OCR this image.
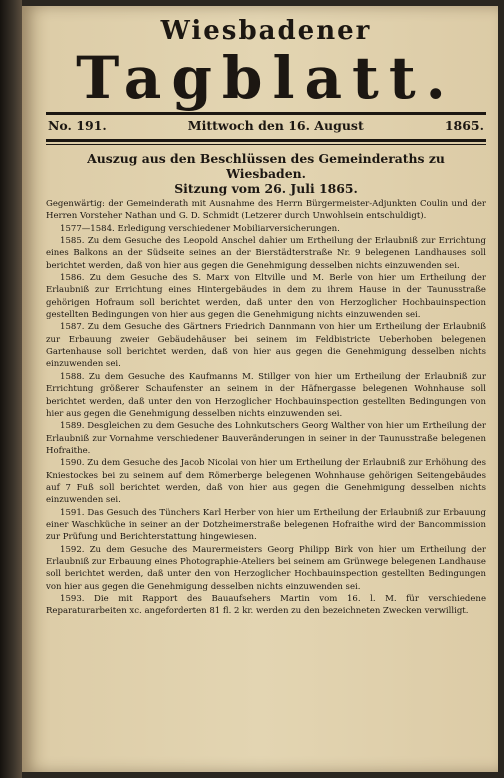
Wiesbadener
Tagblatt.
No. 191.	Mittwoch den 16. August	1865.
Auszug aus den Beschlüssen des Gemeinderaths zu Wiesbaden.
Sitzung vom 26. Juli 1865.

Gegenwärtig: der Gemeinderath mit Ausnahme des Herrn Bürgermeister-Adjunkten Coulin und der Herren Vorsteher Nathan und G. D. Schmidt (Letzerer durch Unwohlsein entschuldigt).

1577—1584. Erledigung verschiedener Mobiliarversicherungen.

1585. Zu dem Gesuche des Leopold Anschel dahier um Ertheilung der Erlaubniß zur Errichtung eines Balkons an der Südseite seines an der Bierstädterstraße Nr. 9 belegenen Landhauses soll berichtet werden, daß von hier aus gegen die Genehmigung desselben nichts einzuwenden sei.

1586. Zu dem Gesuche des S. Marx von Eltville und M. Berle von hier um Ertheilung der Erlaubniß zur Errichtung eines Hintergebäudes in dem zu ihrem Hause in der Taunusstraße gehörigen Hofraum soll berichtet werden, daß unter den von Herzoglicher Hochbauinspection gestellten Bedingungen von hier aus gegen die Genehmigung nichts einzuwenden sei.

1587. Zu dem Gesuche des Gärtners Friedrich Dannmann von hier um Ertheilung der Erlaubniß zur Erbauung zweier Gebäudehäuser bei seinem im Feldbistricte Ueberhoben belegenen Gartenhause soll berichtet werden, daß von hier aus gegen die Genehmigung desselben nichts einzuwenden sei.

1588. Zu dem Gesuche des Kaufmanns M. Stillger von hier um Ertheilung der Erlaubniß zur Errichtung größerer Schaufenster an seinem in der Häfnergasse belegenen Wohnhause soll berichtet werden, daß unter den von Herzoglicher Hochbauinspection gestellten Bedingungen von hier aus gegen die Genehmigung desselben nichts einzuwenden sei.

1589. Desgleichen zu dem Gesuche des Lohnkutschers Georg Walther von hier um Ertheilung der Erlaubniß zur Vornahme verschiedener Bauveränderungen in seiner in der Taunusstraße belegenen Hofraithe.

1590. Zu dem Gesuche des Jacob Nicolai von hier um Ertheilung der Erlaubniß zur Erhöhung des Kniestockes bei zu seinem auf dem Römerberge belegenen Wohnhause gehörigen Seitengebäudes auf 7 Fuß soll berichtet werden, daß von hier aus gegen die Genehmigung desselben nichts einzuwenden sei.

1591. Das Gesuch des Tünchers Karl Herber von hier um Ertheilung der Erlaubniß zur Erbauung einer Waschküche in seiner an der Dotzheimerstraße belegenen Hofraithe wird der Bancommission zur Prüfung und Berichterstattung hingewiesen.

1592. Zu dem Gesuche des Maurermeisters Georg Philipp Birk von hier um Ertheilung der Erlaubniß zur Erbauung eines Photographie-Ateliers bei seinem am Grünwege belegenen Landhause soll berichtet werden, daß unter den von Herzoglicher Hochbauinspection gestellten Bedingungen von hier aus gegen die Genehmigung desselben nichts einzuwenden sei.

1593. Die mit Rapport des Bauaufsehers Martin vom 16. l. M. für verschiedene Reparaturarbeiten xc. angeforderten 81 fl. 2 kr. werden zu den bezeichneten Zwecken verwilligt.
